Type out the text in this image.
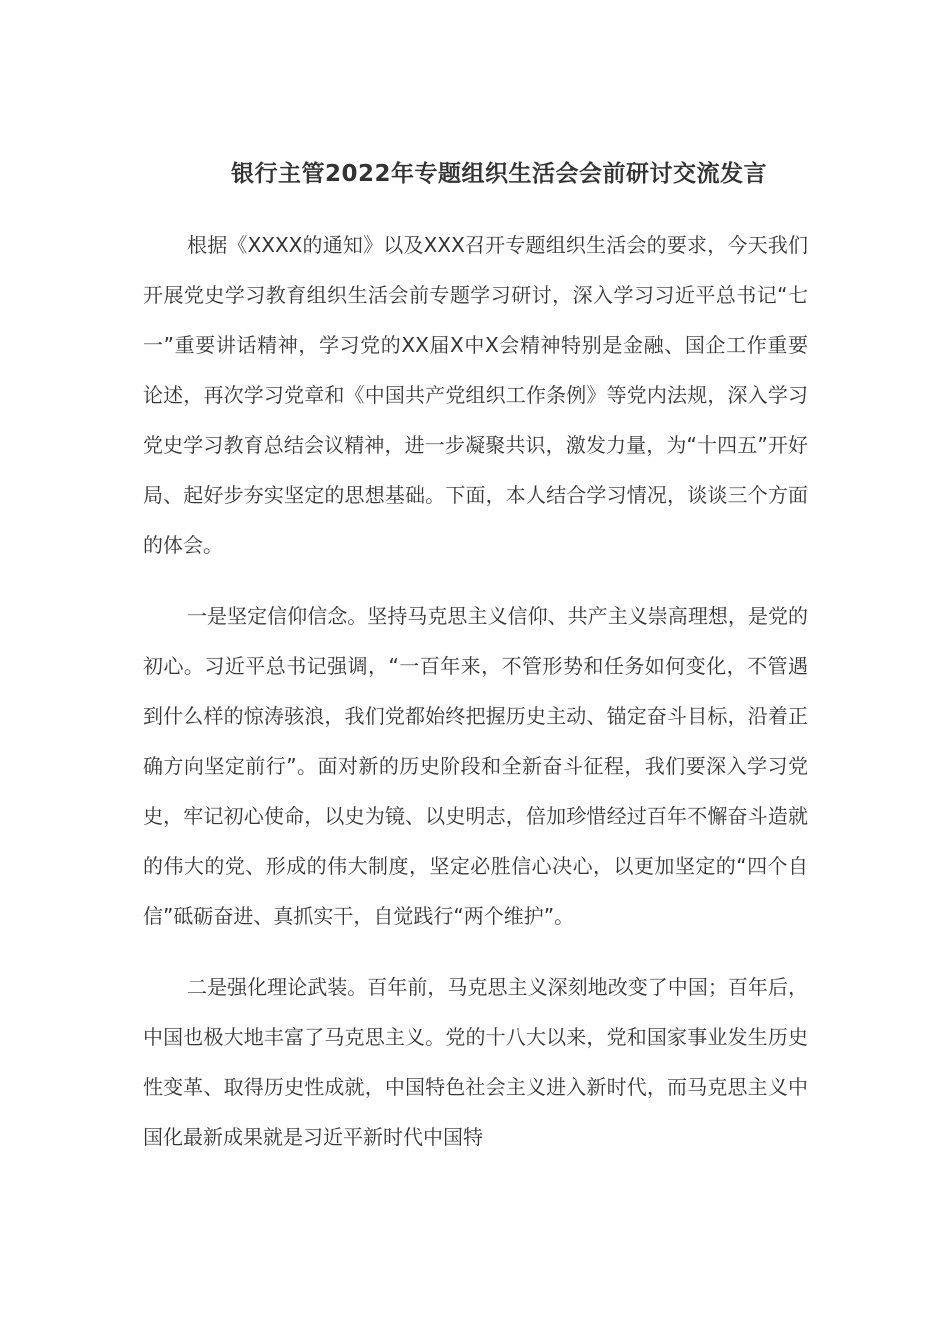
银行主管2022年专题组织生活会会前研讨交流发言

根据《XXXX的通知》以及XXX召开专题组织生活会的要求，今天我们开展党史学习教育组织生活会前专题学习研讨，深入学习习近平总书记“七一”重要讲话精神，学习党的XX届X中X会精神特别是金融、国企工作重要论述，再次学习党章和《中国共产党组织工作条例》等党内法规，深入学习党史学习教育总结会议精神，进一步凝聚共识，激发力量，为“十四五”开好局、起好步夯实坚定的思想基础。下面，本人结合学习情况，谈谈三个方面的体会。

一是坚定信仰信念。坚持马克思主义信仰、共产主义崇高理想，是党的初心。习近平总书记强调，“一百年来，不管形势和任务如何变化，不管遇到什么样的惊涛骇浪，我们党都始终把握历史主动、锚定奋斗目标，沿着正确方向坚定前行”。面对新的历史阶段和全新奋斗征程，我们要深入学习党史，牢记初心使命，以史为镜、以史明志，倍加珍惜经过百年不懈奋斗造就的伟大的党、形成的伟大制度，坚定必胜信心决心，以更加坚定的“四个自信”砥砺奋进、真抓实干，自觉践行“两个维护”。

二是强化理论武装。百年前，马克思主义深刻地改变了中国；百年后，中国也极大地丰富了马克思主义。党的十八大以来，党和国家事业发生历史性变革、取得历史性成就，中国特色社会主义进入新时代，而马克思主义中国化最新成果就是习近平新时代中国特
